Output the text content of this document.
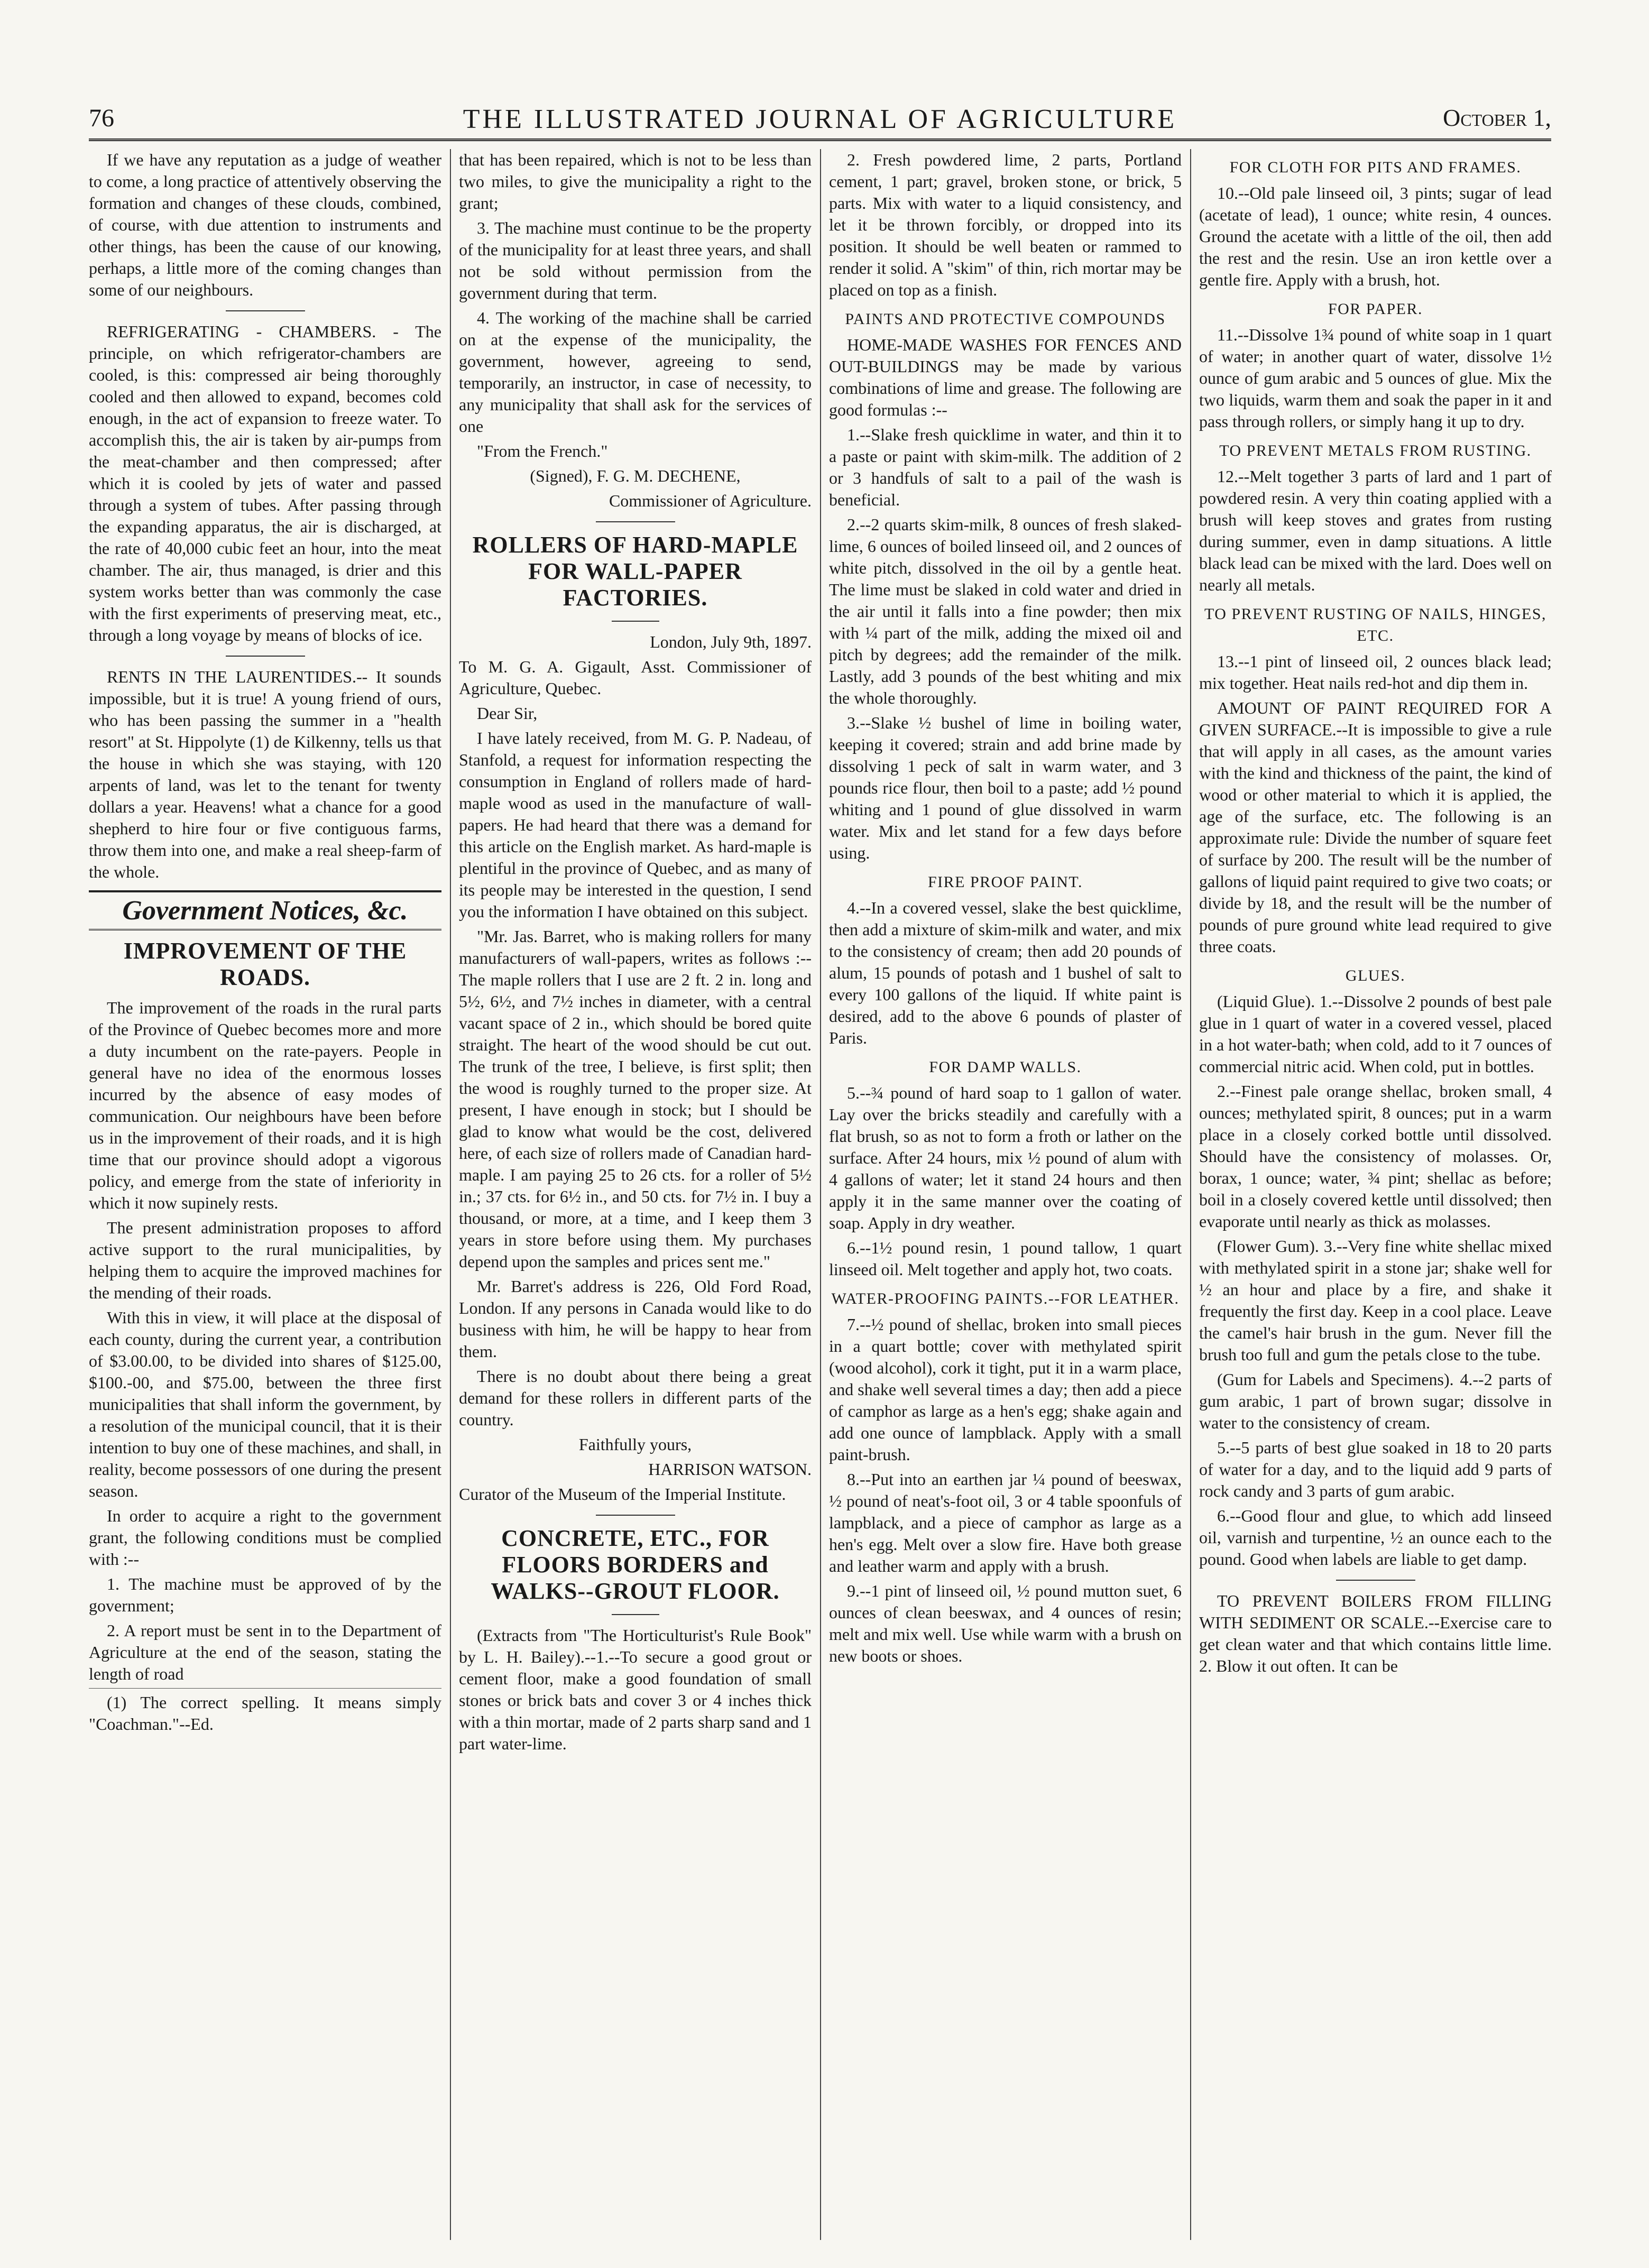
76	THE ILLUSTRATED JOURNAL OF AGRICULTURE	October 1,

If we have any reputation as a judge of weather to come, a long practice of attentively observing the formation and changes of these clouds, combined, of course, with due attention to instruments and other things, has been the cause of our knowing, perhaps, a little more of the coming changes than some of our neighbours.

REFRIGERATING - CHAMBERS. - The principle, on which refrigerator-chambers are cooled, is this: compressed air being thoroughly cooled and then allowed to expand, becomes cold enough, in the act of expansion to freeze water. To accomplish this, the air is taken by air-pumps from the meat-chamber and then compressed; after which it is cooled by jets of water and passed through a system of tubes. After passing through the expanding apparatus, the air is discharged, at the rate of 40,000 cubic feet an hour, into the meat chamber. The air, thus managed, is drier and this system works better than was commonly the case with the first experiments of preserving meat, etc., through a long voyage by means of blocks of ice.

RENTS IN THE LAURENTIDES.-- It sounds impossible, but it is true! A young friend of ours, who has been passing the summer in a "health resort" at St. Hippolyte (1) de Kilkenny, tells us that the house in which she was staying, with 120 arpents of land, was let to the tenant for twenty dollars a year. Heavens! what a chance for a good shepherd to hire four or five contiguous farms, throw them into one, and make a real sheep-farm of the whole.

Government Notices, &c.
IMPROVEMENT OF THE ROADS.

The improvement of the roads in the rural parts of the Province of Quebec becomes more and more a duty incumbent on the rate-payers. People in general have no idea of the enormous losses incurred by the absence of easy modes of communication. Our neighbours have been before us in the improvement of their roads, and it is high time that our province should adopt a vigorous policy, and emerge from the state of inferiority in which it now supinely rests.

The present administration proposes to afford active support to the rural municipalities, by helping them to acquire the improved machines for the mending of their roads.

With this in view, it will place at the disposal of each county, during the current year, a contribution of $3.00.00, to be divided into shares of $125.00, $100.-00, and $75.00, between the three first municipalities that shall inform the government, by a resolution of the municipal council, that it is their intention to buy one of these machines, and shall, in reality, become possessors of one during the present season.

In order to acquire a right to the government grant, the following conditions must be complied with :--

1. The machine must be approved of by the government;

2. A report must be sent in to the Department of Agriculture at the end of the season, stating the length of road

(1) The correct spelling. It means simply "Coachman."--Ed.

that has been repaired, which is not to be less than two miles, to give the municipality a right to the grant;

3. The machine must continue to be the property of the municipality for at least three years, and shall not be sold without permission from the government during that term.

4. The working of the machine shall be carried on at the expense of the municipality, the government, however, agreeing to send, temporarily, an instructor, in case of necessity, to any municipality that shall ask for the services of one

"From the French."

(Signed), F. G. M. DECHENE,

Commissioner of Agriculture.

ROLLERS OF HARD-MAPLE FOR WALL-PAPER FACTORIES.

London, July 9th, 1897.

To M. G. A. Gigault, Asst. Commissioner of Agriculture, Quebec.

Dear Sir,

I have lately received, from M. G. P. Nadeau, of Stanfold, a request for information respecting the consumption in England of rollers made of hard-maple wood as used in the manufacture of wall-papers. He had heard that there was a demand for this article on the English market. As hard-maple is plentiful in the province of Quebec, and as many of its people may be interested in the question, I send you the information I have obtained on this subject.

"Mr. Jas. Barret, who is making rollers for many manufacturers of wall-papers, writes as follows :--The maple rollers that I use are 2 ft. 2 in. long and 5½, 6½, and 7½ inches in diameter, with a central vacant space of 2 in., which should be bored quite straight. The heart of the wood should be cut out. The trunk of the tree, I believe, is first split; then the wood is roughly turned to the proper size. At present, I have enough in stock; but I should be glad to know what would be the cost, delivered here, of each size of rollers made of Canadian hard-maple. I am paying 25 to 26 cts. for a roller of 5½ in.; 37 cts. for 6½ in., and 50 cts. for 7½ in. I buy a thousand, or more, at a time, and I keep them 3 years in store before using them. My purchases depend upon the samples and prices sent me."

Mr. Barret's address is 226, Old Ford Road, London. If any persons in Canada would like to do business with him, he will be happy to hear from them.

There is no doubt about there being a great demand for these rollers in different parts of the country.

Faithfully yours,

HARRISON WATSON.

Curator of the Museum of the Imperial Institute.

CONCRETE, ETC., FOR FLOORS BORDERS and WALKS--GROUT FLOOR.

(Extracts from "The Horticulturist's Rule Book" by L. H. Bailey).--1.--To secure a good grout or cement floor, make a good foundation of small stones or brick bats and cover 3 or 4 inches thick with a thin mortar, made of 2 parts sharp sand and 1 part water-lime.

2. Fresh powdered lime, 2 parts, Portland cement, 1 part; gravel, broken stone, or brick, 5 parts. Mix with water to a liquid consistency, and let it be thrown forcibly, or dropped into its position. It should be well beaten or rammed to render it solid. A "skim" of thin, rich mortar may be placed on top as a finish.

PAINTS AND PROTECTIVE COMPOUNDS

HOME-MADE WASHES FOR FENCES AND OUT-BUILDINGS may be made by various combinations of lime and grease. The following are good formulas :--

1.--Slake fresh quicklime in water, and thin it to a paste or paint with skim-milk. The addition of 2 or 3 handfuls of salt to a pail of the wash is beneficial.

2.--2 quarts skim-milk, 8 ounces of fresh slaked-lime, 6 ounces of boiled linseed oil, and 2 ounces of white pitch, dissolved in the oil by a gentle heat. The lime must be slaked in cold water and dried in the air until it falls into a fine powder; then mix with ¼ part of the milk, adding the mixed oil and pitch by degrees; add the remainder of the milk. Lastly, add 3 pounds of the best whiting and mix the whole thoroughly.

3.--Slake ½ bushel of lime in boiling water, keeping it covered; strain and add brine made by dissolving 1 peck of salt in warm water, and 3 pounds rice flour, then boil to a paste; add ½ pound whiting and 1 pound of glue dissolved in warm water. Mix and let stand for a few days before using.

FIRE PROOF PAINT.

4.--In a covered vessel, slake the best quicklime, then add a mixture of skim-milk and water, and mix to the consistency of cream; then add 20 pounds of alum, 15 pounds of potash and 1 bushel of salt to every 100 gallons of the liquid. If white paint is desired, add to the above 6 pounds of plaster of Paris.

FOR DAMP WALLS.

5.--¾ pound of hard soap to 1 gallon of water. Lay over the bricks steadily and carefully with a flat brush, so as not to form a froth or lather on the surface. After 24 hours, mix ½ pound of alum with 4 gallons of water; let it stand 24 hours and then apply it in the same manner over the coating of soap. Apply in dry weather.

6.--1½ pound resin, 1 pound tallow, 1 quart linseed oil. Melt together and apply hot, two coats.

WATER-PROOFING PAINTS.--FOR LEATHER.

7.--½ pound of shellac, broken into small pieces in a quart bottle; cover with methylated spirit (wood alcohol), cork it tight, put it in a warm place, and shake well several times a day; then add a piece of camphor as large as a hen's egg; shake again and add one ounce of lampblack. Apply with a small paint-brush.

8.--Put into an earthen jar ¼ pound of beeswax, ½ pound of neat's-foot oil, 3 or 4 table spoonfuls of lampblack, and a piece of camphor as large as a hen's egg. Melt over a slow fire. Have both grease and leather warm and apply with a brush.

9.--1 pint of linseed oil, ½ pound mutton suet, 6 ounces of clean beeswax, and 4 ounces of resin; melt and mix well. Use while warm with a brush on new boots or shoes.

FOR CLOTH FOR PITS AND FRAMES.

10.--Old pale linseed oil, 3 pints; sugar of lead (acetate of lead), 1 ounce; white resin, 4 ounces. Ground the acetate with a little of the oil, then add the rest and the resin. Use an iron kettle over a gentle fire. Apply with a brush, hot.

FOR PAPER.

11.--Dissolve 1¾ pound of white soap in 1 quart of water; in another quart of water, dissolve 1½ ounce of gum arabic and 5 ounces of glue. Mix the two liquids, warm them and soak the paper in it and pass through rollers, or simply hang it up to dry.

TO PREVENT METALS FROM RUSTING.

12.--Melt together 3 parts of lard and 1 part of powdered resin. A very thin coating applied with a brush will keep stoves and grates from rusting during summer, even in damp situations. A little black lead can be mixed with the lard. Does well on nearly all metals.

TO PREVENT RUSTING OF NAILS, HINGES, ETC.

13.--1 pint of linseed oil, 2 ounces black lead; mix together. Heat nails red-hot and dip them in.

AMOUNT OF PAINT REQUIRED FOR A GIVEN SURFACE.--It is impossible to give a rule that will apply in all cases, as the amount varies with the kind and thickness of the paint, the kind of wood or other material to which it is applied, the age of the surface, etc. The following is an approximate rule: Divide the number of square feet of surface by 200. The result will be the number of gallons of liquid paint required to give two coats; or divide by 18, and the result will be the number of pounds of pure ground white lead required to give three coats.

GLUES.

(Liquid Glue). 1.--Dissolve 2 pounds of best pale glue in 1 quart of water in a covered vessel, placed in a hot water-bath; when cold, add to it 7 ounces of commercial nitric acid. When cold, put in bottles.

2.--Finest pale orange shellac, broken small, 4 ounces; methylated spirit, 8 ounces; put in a warm place in a closely corked bottle until dissolved. Should have the consistency of molasses. Or, borax, 1 ounce; water, ¾ pint; shellac as before; boil in a closely covered kettle until dissolved; then evaporate until nearly as thick as molasses.

(Flower Gum). 3.--Very fine white shellac mixed with methylated spirit in a stone jar; shake well for ½ an hour and place by a fire, and shake it frequently the first day. Keep in a cool place. Leave the camel's hair brush in the gum. Never fill the brush too full and gum the petals close to the tube.

(Gum for Labels and Specimens). 4.--2 parts of gum arabic, 1 part of brown sugar; dissolve in water to the consistency of cream.

5.--5 parts of best glue soaked in 18 to 20 parts of water for a day, and to the liquid add 9 parts of rock candy and 3 parts of gum arabic.

6.--Good flour and glue, to which add linseed oil, varnish and turpentine, ½ an ounce each to the pound. Good when labels are liable to get damp.

TO PREVENT BOILERS FROM FILLING WITH SEDIMENT OR SCALE.--Exercise care to get clean water and that which contains little lime. 2. Blow it out often. It can be
